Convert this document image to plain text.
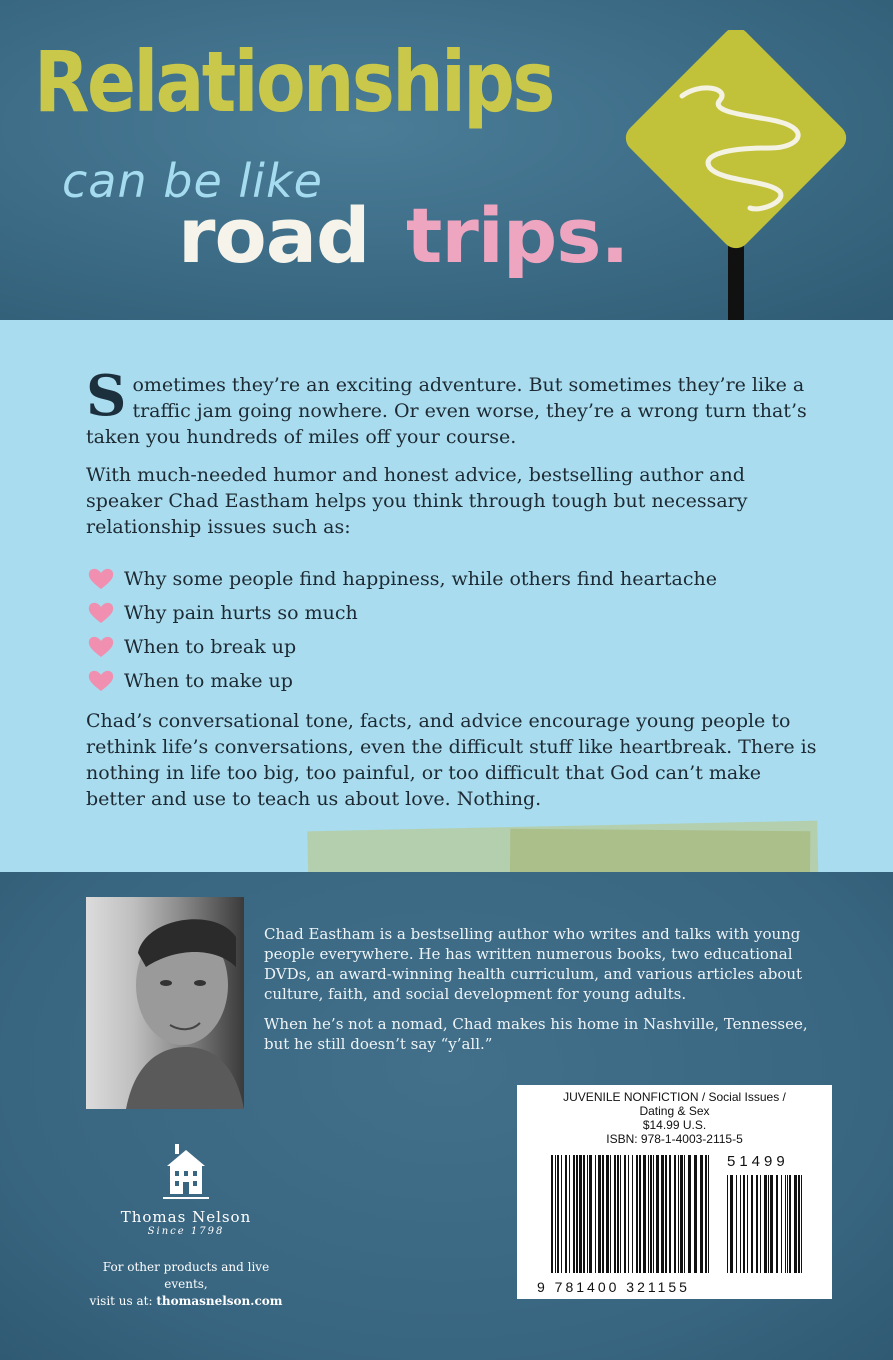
Relationships
can be like
road trips.

Sometimes they’re an exciting adventure. But sometimes they’re like a traffic jam going nowhere. Or even worse, they’re a wrong turn that’s taken you hundreds of miles off your course.

With much-needed humor and honest advice, bestselling author and speaker Chad Eastham helps you think through tough but necessary relationship issues such as:

Why some people find happiness, while others find heartache
Why pain hurts so much
When to break up
When to make up

Chad’s conversational tone, facts, and advice encourage young people to rethink life’s conversations, even the difficult stuff like heartbreak. There is nothing in life too big, too painful, or too difficult that God can’t make better and use to teach us about love. Nothing.

Chad Eastham is a bestselling author who writes and talks with young people everywhere. He has written numerous books, two educational DVDs, an award-winning health curriculum, and various articles about culture, faith, and social development for young adults.

When he’s not a nomad, Chad makes his home in Nashville, Tennessee, but he still doesn’t say “y’all.”

Thomas Nelson
Since 1798
For other products and live events,
visit us at: thomasnelson.com
JUVENILE NONFICTION / Social Issues /
Dating & Sex
$14.99 U.S.
ISBN: 978-1-4003-2115-5
51499
9 781400 321155
